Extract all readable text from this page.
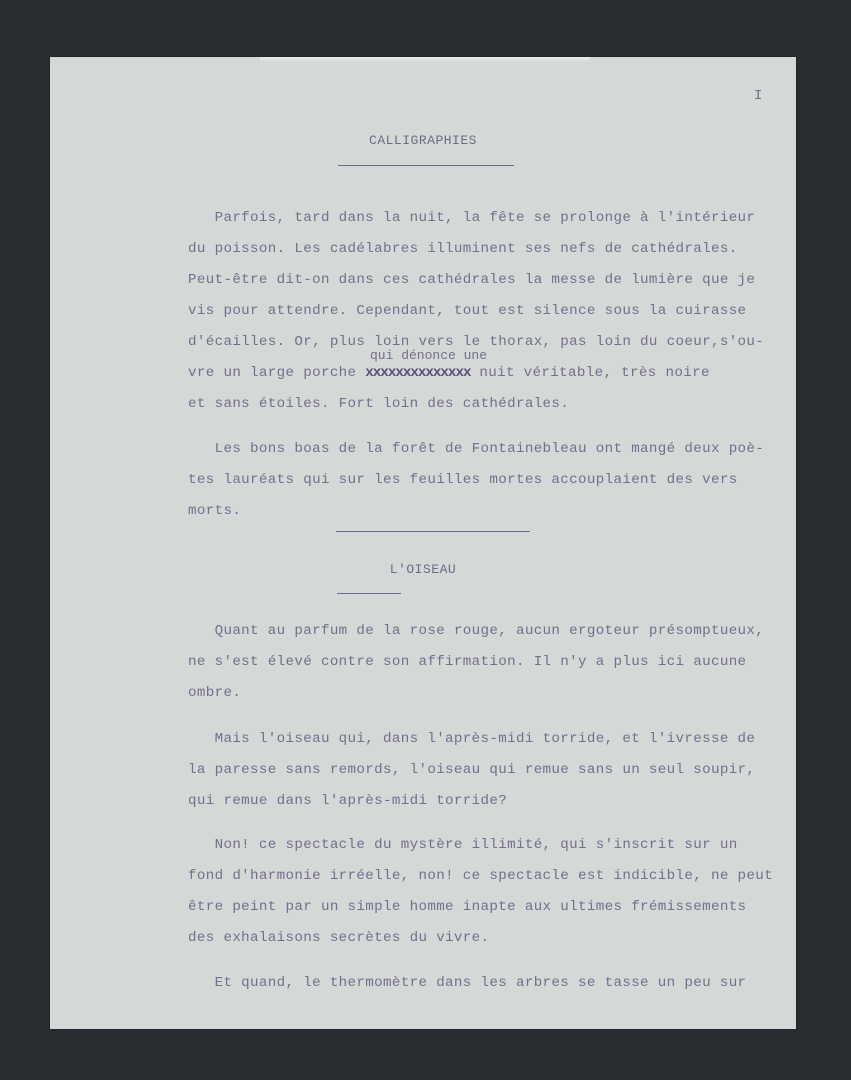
I
CALLIGRAPHIES
Parfois, tard dans la nuit, la fête se prolonge à l'intérieur
du poisson. Les cadélabres illuminent ses nefs de cathédrales.
Peut-être dit-on dans ces cathédrales la messe de lumière que je
vis pour attendre. Cependant, tout est silence sous la cuirasse
d'écailles. Or, plus loin vers le thorax, pas loin du coeur,s'ou-
qui dénonce une
vre un large porche xxxxxxxxxxxxxx nuit véritable, très noire
et sans étoiles. Fort loin des cathédrales.
Les bons boas de la forêt de Fontainebleau ont mangé deux poè-
tes lauréats qui sur les feuilles mortes accouplaient des vers
morts.
L'OISEAU
Quant au parfum de la rose rouge, aucun ergoteur présomptueux,
ne s'est élevé contre son affirmation. Il n'y a plus ici aucune
ombre.
Mais l'oiseau qui, dans l'après-midi torride, et l'ivresse de
la paresse sans remords, l'oiseau qui remue sans un seul soupir,
qui remue dans l'après-midi torride?
Non! ce spectacle du mystère illimité, qui s'inscrit sur un
fond d'harmonie irréelle, non! ce spectacle est indicible, ne peut
être peint par un simple homme inapte aux ultimes frémissements
des exhalaisons secrètes du vivre.
Et quand, le thermomètre dans les arbres se tasse un peu sur
